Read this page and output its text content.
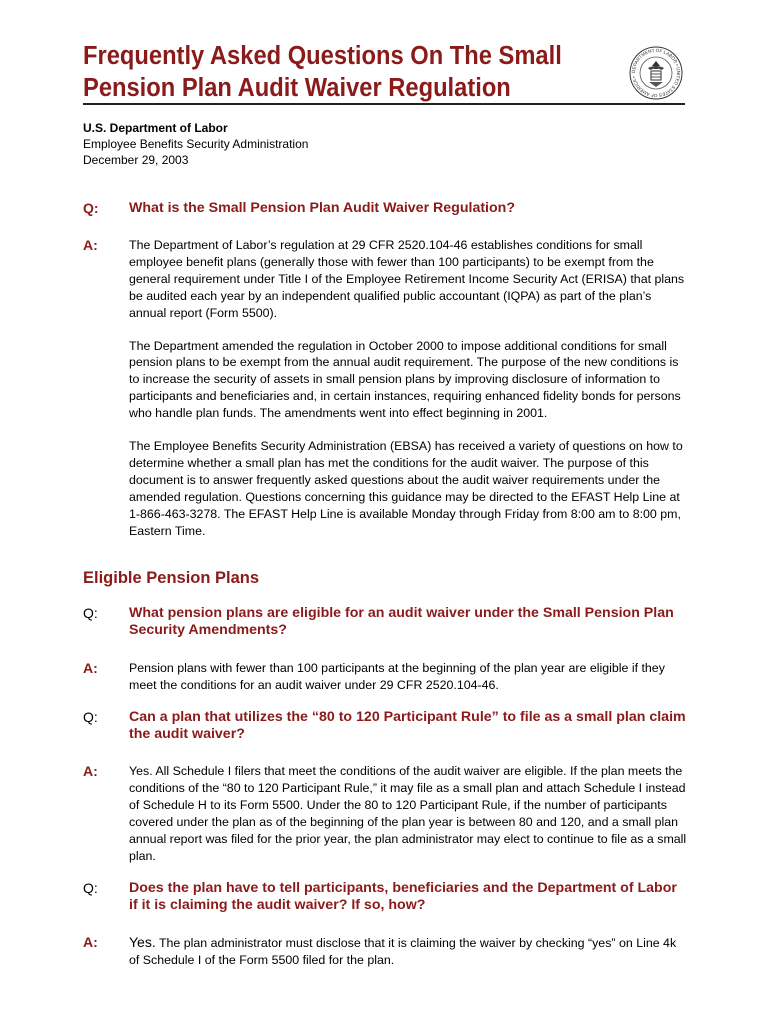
Frequently Asked Questions On The Small
Pension Plan Audit Waiver Regulation
DEPARTMENT OF LABOR • UNITED STATES OF AMERICA •
U.S. Department of Labor
Employee Benefits Security Administration
December 29, 2003
Q: What is the Small Pension Plan Audit Waiver Regulation?
A:	The Department of Labor’s regulation at 29 CFR 2520.104-46 establishes conditions for small employee benefit plans (generally those with fewer than 100 participants) to be exempt from the general requirement under Title I of the Employee Retirement Income Security Act (ERISA) that plans be audited each year by an independent qualified public accountant (IQPA) as part of the plan’s annual report (Form 5500).

The Department amended the regulation in October 2000 to impose additional conditions for small pension plans to be exempt from the annual audit requirement. The purpose of the new conditions is to increase the security of assets in small pension plans by improving disclosure of information to participants and beneficiaries and, in certain instances, requiring enhanced fidelity bonds for persons who handle plan funds. The amendments went into effect beginning in 2001.

The Employee Benefits Security Administration (EBSA) has received a variety of questions on how to determine whether a small plan has met the conditions for the audit waiver. The purpose of this document is to answer frequently asked questions about the audit waiver requirements under the amended regulation. Questions concerning this guidance may be directed to the EFAST Help Line at 1-866-463-3278. The EFAST Help Line is available Monday through Friday from 8:00 am to 8:00 pm, Eastern Time.

Eligible Pension Plans
Q: What pension plans are eligible for an audit waiver under the Small Pension Plan Security Amendments?
A:	Pension plans with fewer than 100 participants at the beginning of the plan year are eligible if they meet the conditions for an audit waiver under 29 CFR 2520.104-46.
Q: Can a plan that utilizes the “80 to 120 Participant Rule” to file as a small plan claim the audit waiver?
A:	Yes. All Schedule I filers that meet the conditions of the audit waiver are eligible. If the plan meets the conditions of the “80 to 120 Participant Rule,” it may file as a small plan and attach Schedule I instead of Schedule H to its Form 5500. Under the 80 to 120 Participant Rule, if the number of participants covered under the plan as of the beginning of the plan year is between 80 and 120, and a small plan annual report was filed for the prior year, the plan administrator may elect to continue to file as a small plan.
Q: Does the plan have to tell participants, beneficiaries and the Department of Labor if it is claiming the audit waiver? If so, how?
A: Yes. The plan administrator must disclose that it is claiming the waiver by checking “yes” on Line 4k of Schedule I of the Form 5500 filed for the plan.
